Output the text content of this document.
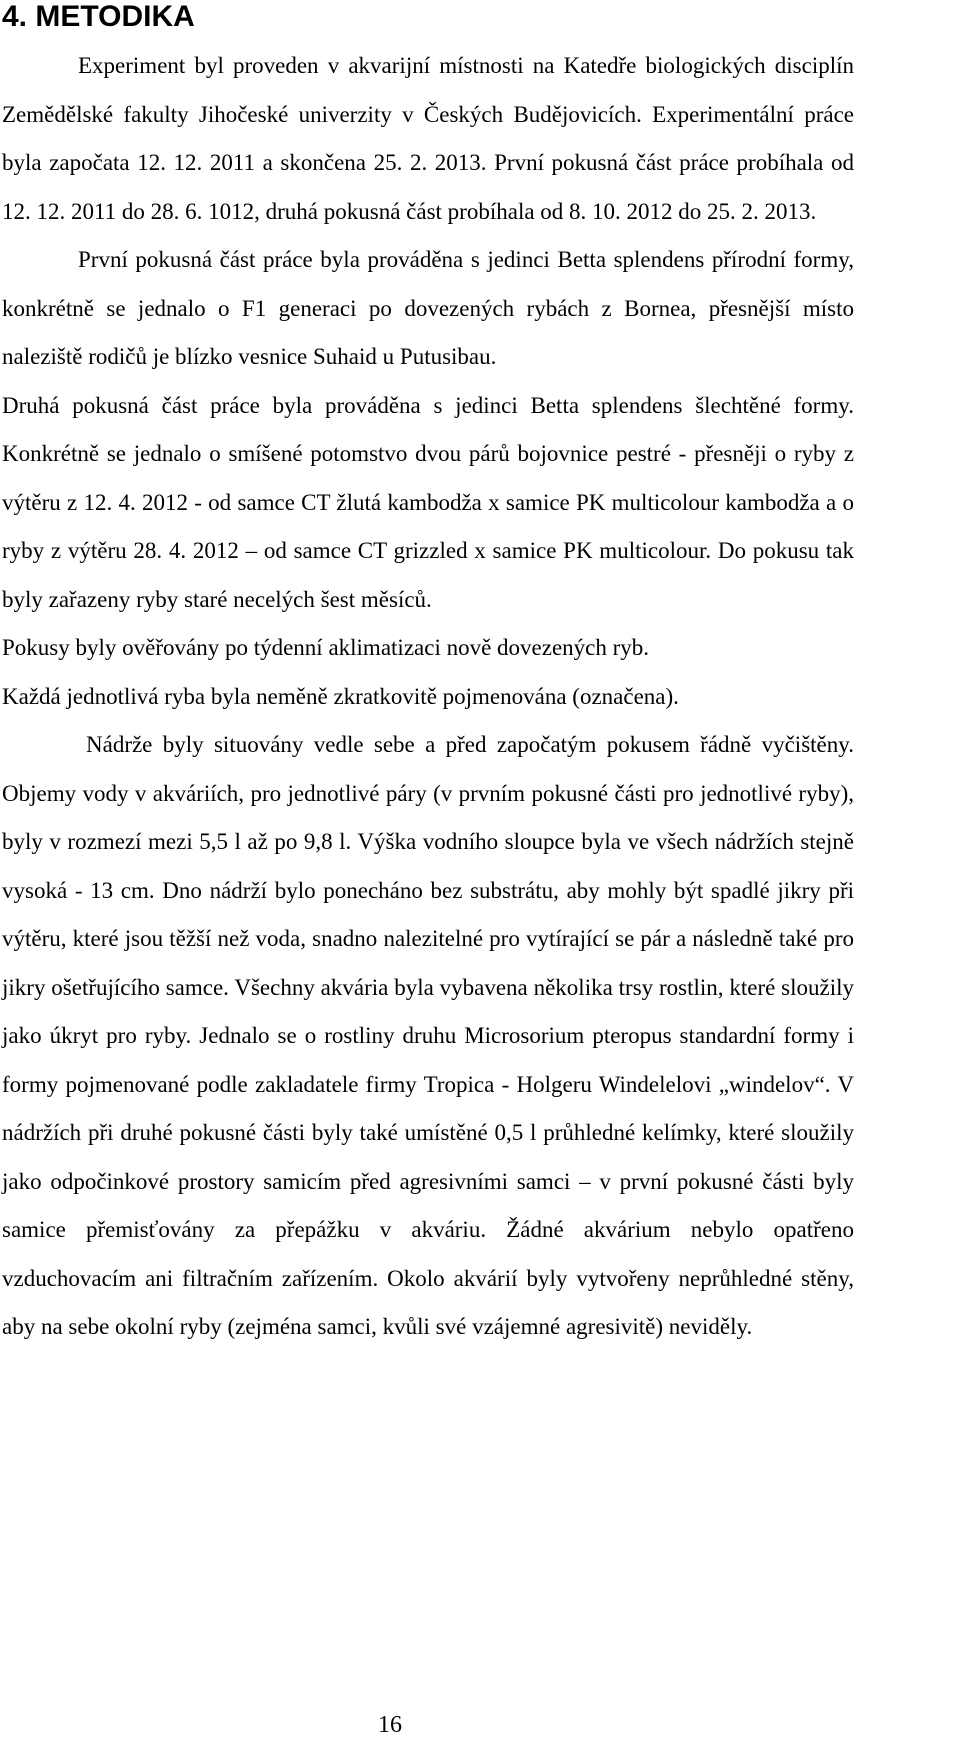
4. METODIKA

Experiment byl proveden v akvarijní místnosti na Katedře biologických disciplín Zemědělské fakulty Jihočeské univerzity v Českých Budějovicích. Experimentální práce byla započata 12. 12. 2011 a skončena 25. 2. 2013. První pokusná část práce probíhala od 12. 12. 2011 do 28. 6. 1012, druhá pokusná část probíhala od 8. 10. 2012 do 25. 2. 2013.

První pokusná část práce byla prováděna s jedinci Betta splendens přírodní formy, konkrétně se jednalo o F1 generaci po dovezených rybách z Bornea, přesnější místo naleziště rodičů je blízko vesnice Suhaid u Putusibau.

Druhá pokusná část práce byla prováděna s jedinci Betta splendens šlechtěné formy. Konkrétně se jednalo o smíšené potomstvo dvou párů bojovnice pestré - přesněji o ryby z výtěru z 12. 4. 2012 - od samce CT žlutá kambodža x samice PK multicolour kambodža a o ryby z výtěru 28. 4. 2012 – od samce CT grizzled x samice PK multicolour. Do pokusu tak byly zařazeny ryby staré necelých šest měsíců.

Pokusy byly ověřovány po týdenní aklimatizaci nově dovezených ryb.

Každá jednotlivá ryba byla neměně zkratkovitě pojmenována (označena).

Nádrže byly situovány vedle sebe a před započatým pokusem řádně vyčištěny. Objemy vody v akváriích, pro jednotlivé páry (v prvním pokusné části pro jednotlivé ryby), byly v rozmezí mezi 5,5 l až po 9,8 l. Výška vodního sloupce byla ve všech nádržích stejně vysoká - 13 cm. Dno nádrží bylo ponecháno bez substrátu, aby mohly být spadlé jikry při výtěru, které jsou těžší než voda, snadno nalezitelné pro vytírající se pár a následně také pro jikry ošetřujícího samce. Všechny akvária byla vybavena několika trsy rostlin, které sloužily jako úkryt pro ryby. Jednalo se o rostliny druhu Microsorium pteropus standardní formy i formy pojmenované podle zakladatele firmy Tropica - Holgeru Windelelovi „windelov“. V nádržích při druhé pokusné části byly také umístěné 0,5 l průhledné kelímky, které sloužily jako odpočinkové prostory samicím před agresivními samci – v první pokusné části byly samice přemisťovány za přepážku v akváriu. Žádné akvárium nebylo opatřeno vzduchovacím ani filtračním zařízením. Okolo akvárií byly vytvořeny neprůhledné stěny, aby na sebe okolní ryby (zejména samci, kvůli své vzájemné agresivitě) neviděly.

16
